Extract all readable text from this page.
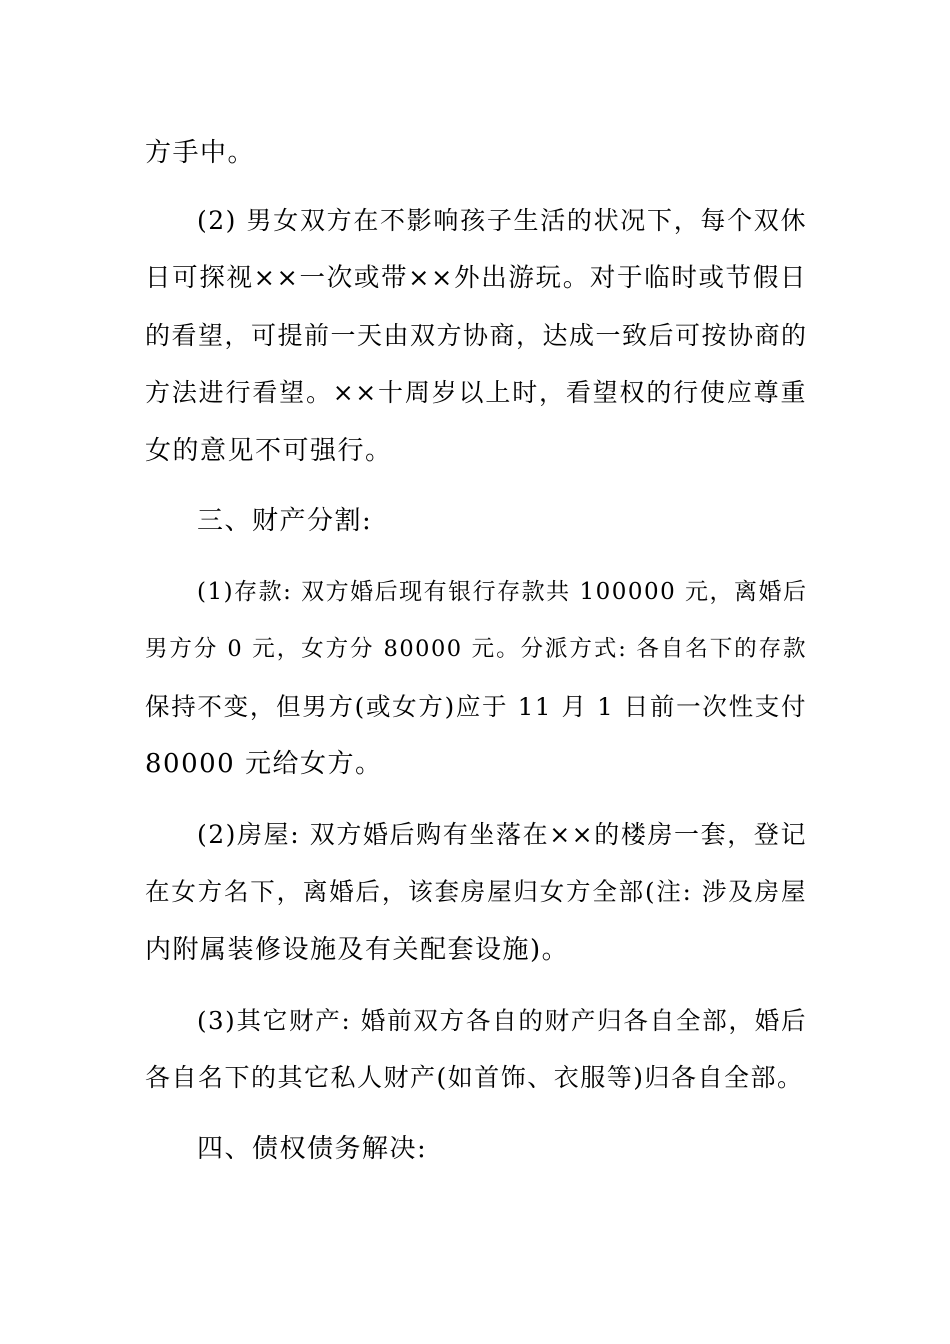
方手中。
(2) 男女双方在不影响孩子生活的状况下，每个双休
日可探视××一次或带××外出游玩。对于临时或节假日
的看望，可提前一天由双方协商，达成一致后可按协商的
方法进行看望。××十周岁以上时，看望权的行使应尊重
女的意见不可强行。
三、财产分割:
(1)存款: 双方婚后现有银行存款共 100000 元，离婚后
男方分 0 元，女方分 80000 元。分派方式: 各自名下的存款
保持不变，但男方(或女方)应于 11 月 1 日前一次性支付
80000 元给女方。
(2)房屋: 双方婚后购有坐落在××的楼房一套，登记
在女方名下，离婚后，该套房屋归女方全部(注: 涉及房屋
内附属装修设施及有关配套设施)。
(3)其它财产: 婚前双方各自的财产归各自全部，婚后
各自名下的其它私人财产(如首饰、衣服等)归各自全部。
四、债权债务解决:
